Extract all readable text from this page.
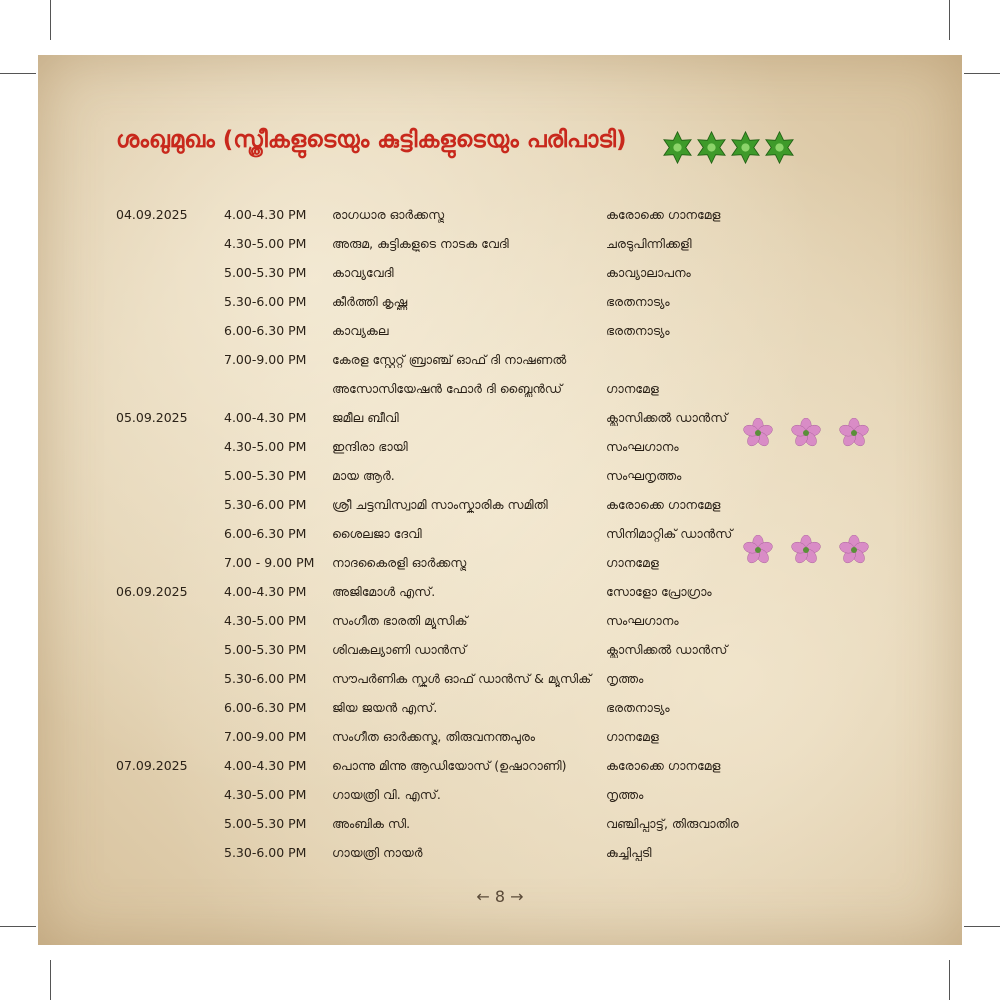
ശംഖുമുഖം (സ്ത്രീകളുടെയും കുട്ടികളുടെയും പരിപാടി)
04.09.2025	4.00-4.30 PM	രാഗധാര ഓർക്കസ്ട്ര	കരോക്കെ ഗാനമേള
4.30-5.00 PM	അരുമ, കുട്ടികളുടെ നാടക വേദി	ചരടുപിന്നിക്കളി
5.00-5.30 PM	കാവ്യവേദി	കാവ്യാലാപനം
5.30-6.00 PM	കീർത്തി കൃഷ്ണ	ഭരതനാട്യം
6.00-6.30 PM	കാവ്യകല	ഭരതനാട്യം
7.00-9.00 PM	കേരള സ്റ്റേറ്റ് ബ്രാഞ്ച് ഓഫ് ദി നാഷണൽ
അസോസിയേഷൻ ഫോർ ദി ബ്ലൈൻഡ്	ഗാനമേള
05.09.2025	4.00-4.30 PM	ജമീല ബീവി	ക്ലാസിക്കൽ ഡാൻസ്
4.30-5.00 PM	ഇന്ദിരാ ഭായി	സംഘഗാനം
5.00-5.30 PM	മായ ആർ.	സംഘനൃത്തം
5.30-6.00 PM	ശ്രീ ചട്ടമ്പിസ്വാമി സാംസ്കാരിക സമിതി	കരോക്കെ ഗാനമേള
6.00-6.30 PM	ശൈലജാ ദേവി	സിനിമാറ്റിക് ഡാൻസ്
7.00 - 9.00 PM	നാദകൈരളി ഓർക്കസ്ട്ര	ഗാനമേള
06.09.2025	4.00-4.30 PM	അജിമോൾ എസ്.	സോളോ പ്രോഗ്രാം
4.30-5.00 PM	സംഗീത ഭാരതി മ്യൂസിക്	സംഘഗാനം
5.00-5.30 PM	ശിവകല്യാണി ഡാൻസ്	ക്ലാസിക്കൽ ഡാൻസ്
5.30-6.00 PM	സൗപർണിക സ്കൂൾ ഓഫ് ഡാൻസ് & മ്യൂസിക്	നൃത്തം
6.00-6.30 PM	ജിയ ജയൻ എസ്.	ഭരതനാട്യം
7.00-9.00 PM	സംഗീത ഓർക്കസ്ട്ര, തിരുവനന്തപുരം	ഗാനമേള
07.09.2025	4.00-4.30 PM	പൊന്നു മിന്നു ആഡിയോസ് (ഉഷാറാണി)	കരോക്കെ ഗാനമേള
4.30-5.00 PM	ഗായത്രി വി. എസ്.	നൃത്തം
5.00-5.30 PM	അംബിക സി.	വഞ്ചിപ്പാട്ട്, തിരുവാതിര
5.30-6.00 PM	ഗായത്രി നായർ	കുച്ചിപ്പുടി
← 8 →
